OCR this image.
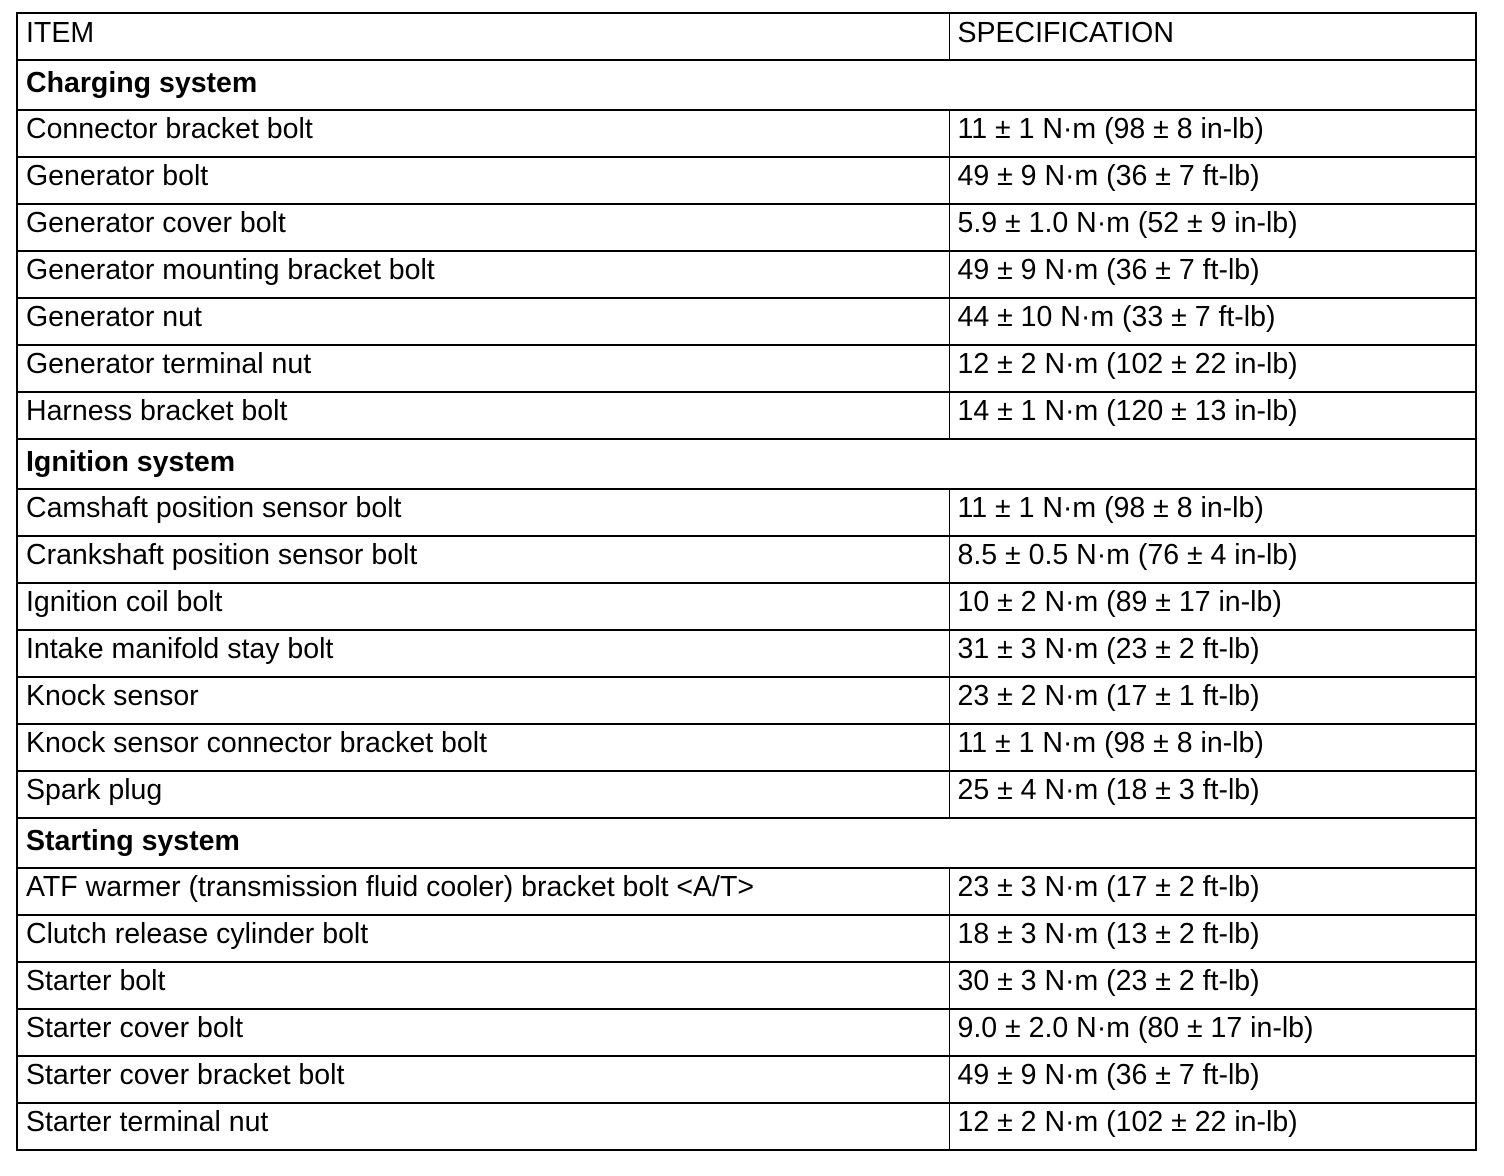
ITEM	SPECIFICATION
Charging system	
Connector bracket bolt	11 ± 1 N·m (98 ± 8 in-lb)
Generator bolt	49 ± 9 N·m (36 ± 7 ft-lb)
Generator cover bolt	5.9 ± 1.0 N·m (52 ± 9 in-lb)
Generator mounting bracket bolt	49 ± 9 N·m (36 ± 7 ft-lb)
Generator nut	44 ± 10 N·m (33 ± 7 ft-lb)
Generator terminal nut	12 ± 2 N·m (102 ± 22 in-lb)
Harness bracket bolt	14 ± 1 N·m (120 ± 13 in-lb)
Ignition system	
Camshaft position sensor bolt	11 ± 1 N·m (98 ± 8 in-lb)
Crankshaft position sensor bolt	8.5 ± 0.5 N·m (76 ± 4 in-lb)
Ignition coil bolt	10 ± 2 N·m (89 ± 17 in-lb)
Intake manifold stay bolt	31 ± 3 N·m (23 ± 2 ft-lb)
Knock sensor	23 ± 2 N·m (17 ± 1 ft-lb)
Knock sensor connector bracket bolt	11 ± 1 N·m (98 ± 8 in-lb)
Spark plug	25 ± 4 N·m (18 ± 3 ft-lb)
Starting system	
ATF warmer (transmission fluid cooler) bracket bolt <A/T>	23 ± 3 N·m (17 ± 2 ft-lb)
Clutch release cylinder bolt	18 ± 3 N·m (13 ± 2 ft-lb)
Starter bolt	30 ± 3 N·m (23 ± 2 ft-lb)
Starter cover bolt	9.0 ± 2.0 N·m (80 ± 17 in-lb)
Starter cover bracket bolt	49 ± 9 N·m (36 ± 7 ft-lb)
Starter terminal nut	12 ± 2 N·m (102 ± 22 in-lb)
